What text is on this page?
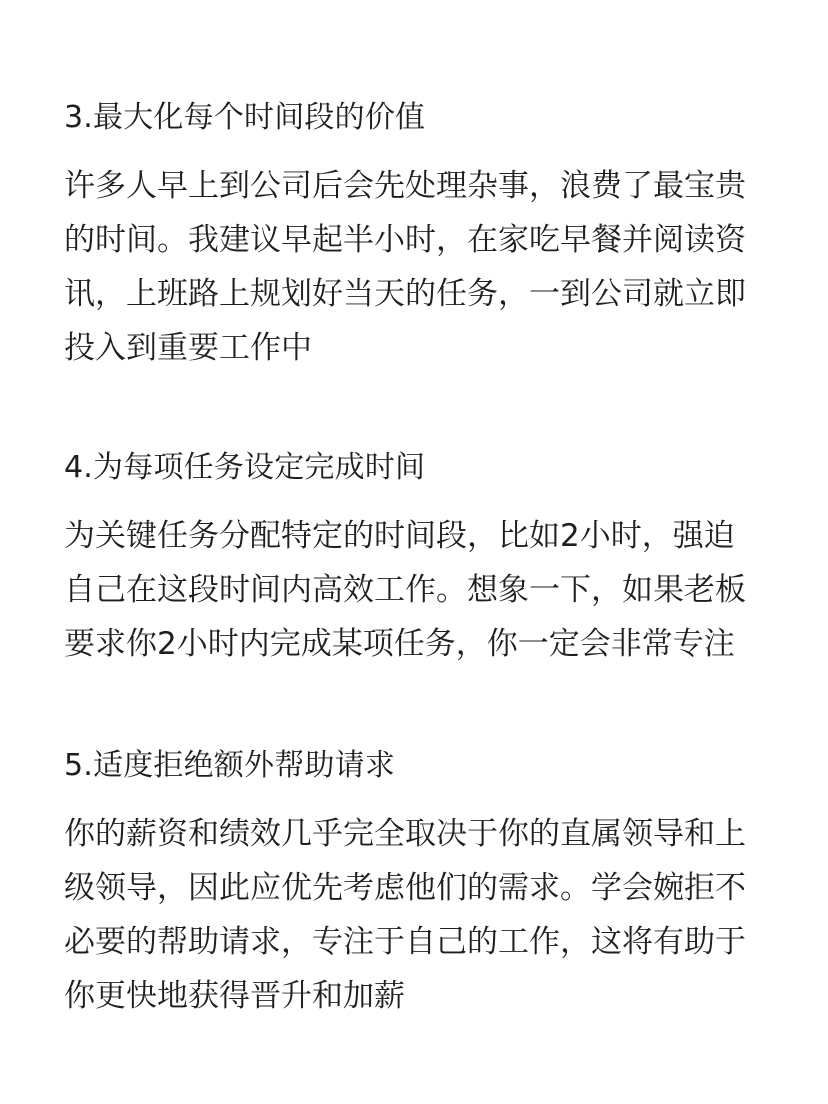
3.最大化每个时间段的价值
许多人早上到公司后会先处理杂事，浪费了最宝贵
的时间。我建议早起半小时，在家吃早餐并阅读资
讯，上班路上规划好当天的任务，一到公司就立即
投入到重要工作中
4.为每项任务设定完成时间
为关键任务分配特定的时间段，比如2小时，强迫
自己在这段时间内高效工作。想象一下，如果老板
要求你2小时内完成某项任务，你一定会非常专注
5.适度拒绝额外帮助请求
你的薪资和绩效几乎完全取决于你的直属领导和上
级领导，因此应优先考虑他们的需求。学会婉拒不
必要的帮助请求，专注于自己的工作，这将有助于
你更快地获得晋升和加薪
